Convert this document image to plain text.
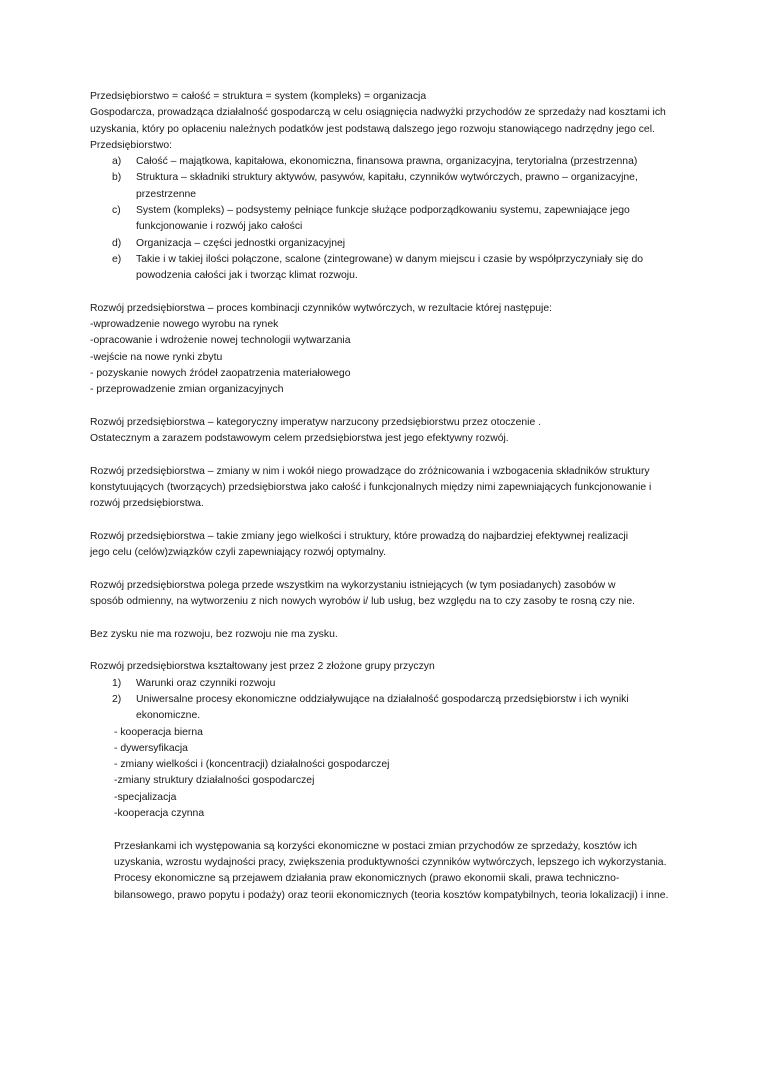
Przedsiębiorstwo = całość = struktura = system (kompleks) = organizacja

Gospodarcza, prowadząca działalność gospodarczą w celu osiągnięcia nadwyżki przychodów ze sprzedaży nad kosztami ich uzyskania, który po opłaceniu należnych podatków jest podstawą dalszego jego rozwoju stanowiącego nadrzędny jego cel.

Przedsiębiorstwo:

a)	Całość – majątkowa, kapitałowa, ekonomiczna, finansowa prawna, organizacyjna, terytorialna (przestrzenna)
b)	Struktura – składniki struktury aktywów, pasywów, kapitału, czynników wytwórczych, prawno – organizacyjne, przestrzenne
c)	System (kompleks) – podsystemy pełniące funkcje służące podporządkowaniu systemu, zapewniające jego funkcjonowanie i rozwój jako całości
d)	Organizacja – części jednostki organizacyjnej
e)	Takie i w takiej ilości połączone, scalone (zintegrowane) w danym miejscu i czasie by współprzyczyniały się do powodzenia całości jak i tworząc klimat rozwoju.

Rozwój przedsiębiorstwa – proces kombinacji czynników wytwórczych, w rezultacie której następuje:

-wprowadzenie nowego wyrobu na rynek

-opracowanie i wdrożenie nowej technologii wytwarzania

-wejście na nowe rynki zbytu

- pozyskanie nowych źródeł zaopatrzenia materiałowego

- przeprowadzenie zmian organizacyjnych

Rozwój przedsiębiorstwa – kategoryczny imperatyw narzucony przedsiębiorstwu przez otoczenie .

Ostatecznym a zarazem podstawowym celem przedsiębiorstwa jest jego efektywny rozwój.

Rozwój przedsiębiorstwa – zmiany w nim i wokół niego prowadzące do zróżnicowania i wzbogacenia składników struktury konstytuujących (tworzących) przedsiębiorstwa jako całość i funkcjonalnych między nimi zapewniających funkcjonowanie i rozwój przedsiębiorstwa.

Rozwój przedsiębiorstwa – takie zmiany jego wielkości i struktury, które prowadzą do najbardziej efektywnej realizacji jego celu (celów)związków czyli zapewniający rozwój optymalny.

Rozwój przedsiębiorstwa polega przede wszystkim na wykorzystaniu istniejących (w tym posiadanych) zasobów w sposób odmienny, na wytworzeniu z nich nowych wyrobów i/ lub usług, bez względu na to czy zasoby te rosną czy nie.

Bez zysku nie ma rozwoju, bez rozwoju nie ma zysku.

Rozwój przedsiębiorstwa kształtowany jest przez 2 złożone grupy przyczyn

1)	Warunki oraz czynniki rozwoju
2)	Uniwersalne procesy ekonomiczne oddziaływujące na działalność gospodarczą przedsiębiorstw i ich wyniki ekonomiczne.

- kooperacja bierna

- dywersyfikacja

- zmiany wielkości i (koncentracji) działalności gospodarczej

-zmiany struktury działalności gospodarczej

-specjalizacja

-kooperacja czynna

Przesłankami ich występowania są korzyści ekonomiczne w postaci zmian przychodów ze sprzedaży, kosztów ich uzyskania, wzrostu wydajności pracy, zwiększenia produktywności czynników wytwórczych, lepszego ich wykorzystania.

Procesy ekonomiczne są przejawem działania praw ekonomicznych (prawo ekonomii skali, prawa techniczno-bilansowego, prawo popytu i podaży) oraz teorii ekonomicznych (teoria kosztów kompatybilnych, teoria lokalizacji) i inne.
